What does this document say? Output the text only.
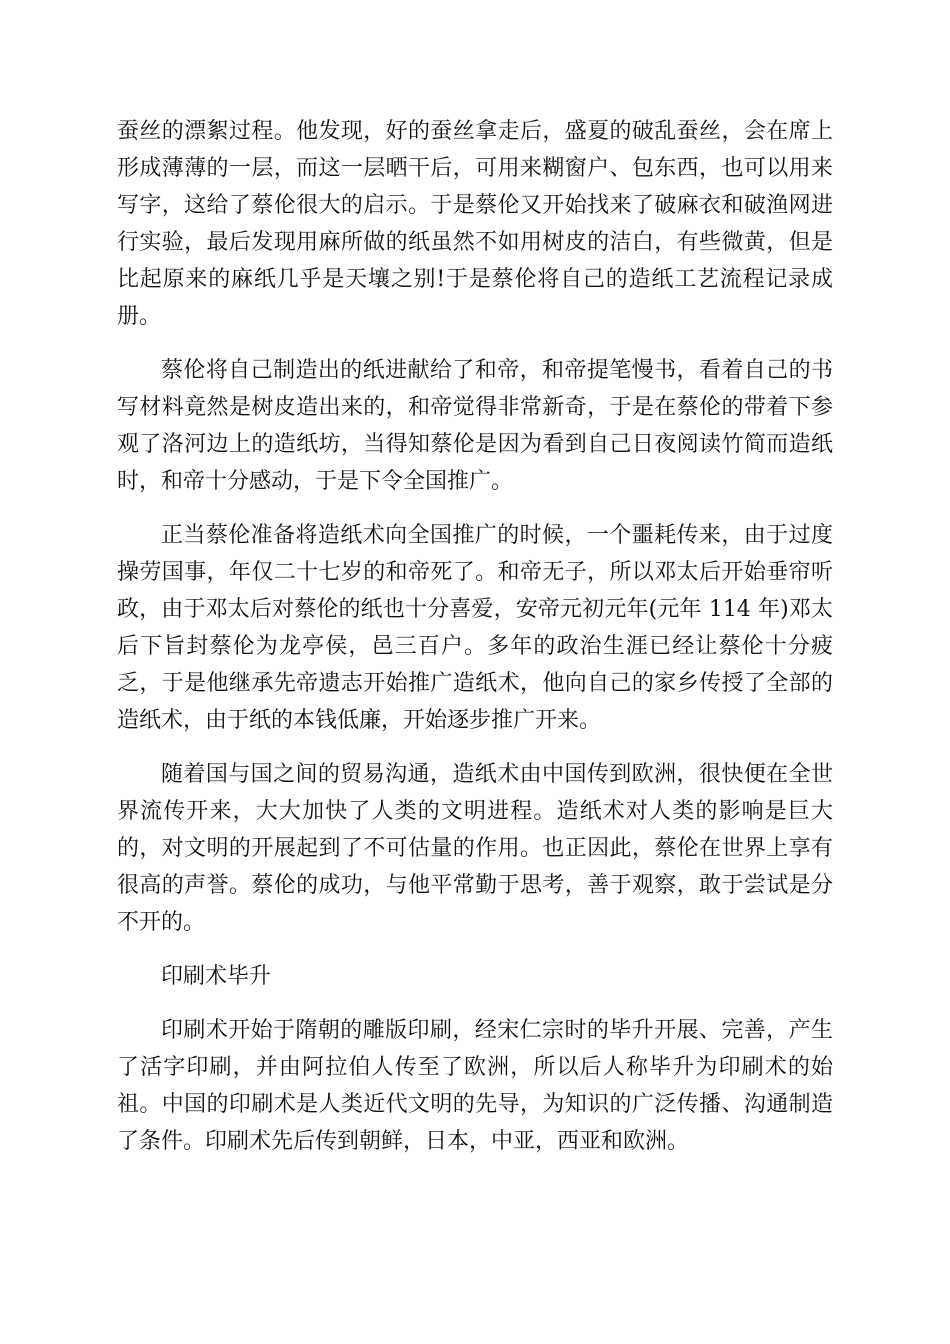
蚕丝的漂絮过程。他发现，好的蚕丝拿走后，盛夏的破乱蚕丝，会在席上形成薄薄的一层，而这一层晒干后，可用来糊窗户、包东西，也可以用来写字，这给了蔡伦很大的启示。于是蔡伦又开始找来了破麻衣和破渔网进行实验，最后发现用麻所做的纸虽然不如用树皮的洁白，有些微黄，但是比起原来的麻纸几乎是天壤之别!于是蔡伦将自己的造纸工艺流程记录成册。

蔡伦将自己制造出的纸进献给了和帝，和帝提笔慢书，看着自己的书写材料竟然是树皮造出来的，和帝觉得非常新奇，于是在蔡伦的带着下参观了洛河边上的造纸坊，当得知蔡伦是因为看到自己日夜阅读竹简而造纸时，和帝十分感动，于是下令全国推广。

正当蔡伦准备将造纸术向全国推广的时候，一个噩耗传来，由于过度操劳国事，年仅二十七岁的和帝死了。和帝无子，所以邓太后开始垂帘听政，由于邓太后对蔡伦的纸也十分喜爱，安帝元初元年(元年 114 年)邓太后下旨封蔡伦为龙亭侯，邑三百户。多年的政治生涯已经让蔡伦十分疲乏，于是他继承先帝遗志开始推广造纸术，他向自己的家乡传授了全部的造纸术，由于纸的本钱低廉，开始逐步推广开来。

随着国与国之间的贸易沟通，造纸术由中国传到欧洲，很快便在全世界流传开来，大大加快了人类的文明进程。造纸术对人类的影响是巨大的，对文明的开展起到了不可估量的作用。也正因此，蔡伦在世界上享有很高的声誉。蔡伦的成功，与他平常勤于思考，善于观察，敢于尝试是分不开的。

印刷术毕升

印刷术开始于隋朝的雕版印刷，经宋仁宗时的毕升开展、完善，产生了活字印刷，并由阿拉伯人传至了欧洲，所以后人称毕升为印刷术的始祖。中国的印刷术是人类近代文明的先导，为知识的广泛传播、沟通制造了条件。印刷术先后传到朝鲜，日本，中亚，西亚和欧洲。
